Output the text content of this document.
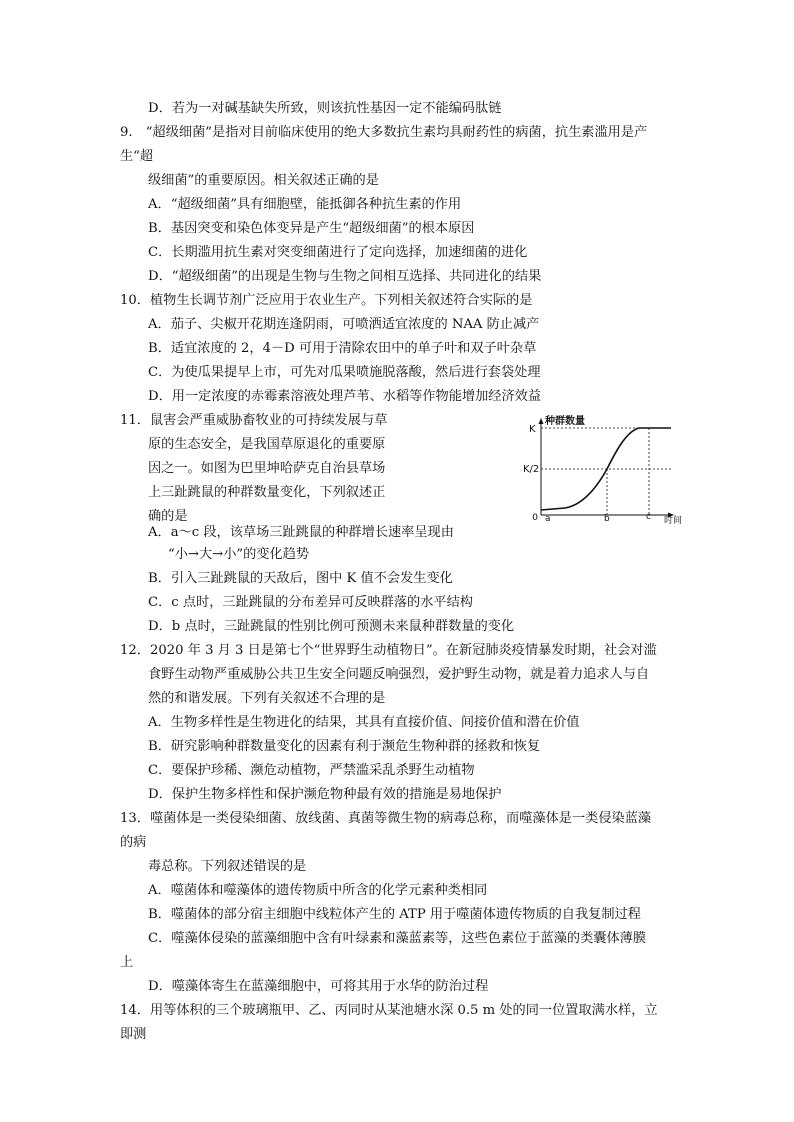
D．若为一对碱基缺失所致，则该抗性基因一定不能编码肽链
9.　“超级细菌”是指对目前临床使用的绝大多数抗生素均具耐药性的病菌，抗生素滥用是产
生“超
级细菌”的重要原因。相关叙述正确的是
A．“超级细菌”具有细胞壁，能抵御各种抗生素的作用
B．基因突变和染色体变异是产生“超级细菌”的根本原因
C．长期滥用抗生素对突变细菌进行了定向选择，加速细菌的进化
D．“超级细菌”的出现是生物与生物之间相互选择、共同进化的结果
10．植物生长调节剂广泛应用于农业生产。下列相关叙述符合实际的是
A．茄子、尖椒开花期连逢阴雨，可喷洒适宜浓度的 NAA 防止减产
B．适宜浓度的 2，4－D 可用于清除农田中的单子叶和双子叶杂草
C．为使瓜果提早上市，可先对瓜果喷施脱落酸，然后进行套袋处理
D．用一定浓度的赤霉素溶液处理芦苇、水稻等作物能增加经济效益
11．鼠害会严重威胁畜牧业的可持续发展与草
原的生态安全，是我国草原退化的重要原
因之一。如图为巴里坤哈萨克自治县草场
上三趾跳鼠的种群数量变化，下列叙述正
确的是
A．a～c 段，该草场三趾跳鼠的种群增长速率呈现由
“小→大→小”的变化趋势
B．引入三趾跳鼠的天敌后，图中 K 值不会发生变化
C．c 点时，三趾跳鼠的分布差异可反映群落的水平结构
D．b 点时，三趾跳鼠的性别比例可预测未来鼠种群数量的变化
12．2020 年 3 月 3 日是第七个“世界野生动植物日”。在新冠肺炎疫情暴发时期，社会对滥
食野生动物严重威胁公共卫生安全问题反响强烈，爱护野生动物，就是着力追求人与自
然的和谐发展。下列有关叙述不合理的是
A．生物多样性是生物进化的结果，其具有直接价值、间接价值和潜在价值
B．研究影响种群数量变化的因素有利于濒危生物种群的拯救和恢复
C．要保护珍稀、濒危动植物，严禁滥采乱杀野生动植物
D．保护生物多样性和保护濒危物种最有效的措施是易地保护
13．噬菌体是一类侵染细菌、放线菌、真菌等微生物的病毒总称，而噬藻体是一类侵染蓝藻
的病
毒总称。下列叙述错误的是
A．噬菌体和噬藻体的遗传物质中所含的化学元素种类相同
B．噬菌体的部分宿主细胞中线粒体产生的 ATP 用于噬菌体遗传物质的自我复制过程
C．噬藻体侵染的蓝藻细胞中含有叶绿素和藻蓝素等，这些色素位于蓝藻的类囊体薄膜
上
D．噬藻体寄生在蓝藻细胞中，可将其用于水华的防治过程
14．用等体积的三个玻璃瓶甲、乙、丙同时从某池塘水深 0.5 m 处的同一位置取满水样，立
即测
种群数量
时间
K
K/2
0 a	b	c
